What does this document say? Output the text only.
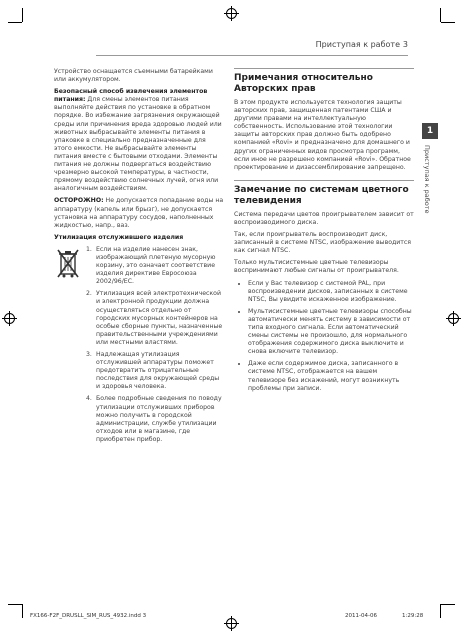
Приступая к работе 3
1
Приступая к работе

Устройство оснащается съемными батарейками или аккумулятором.

Безопасный способ извлечения элементов питания: Для смены элементов питания выполняйте действия по установке в обратном порядке. Во избежание загрязнения окружающей среды или причинения вреда здоровью людей или животных выбрасывайте элементы питания в упаковке в специально предназначенные для этого емкости. Не выбрасывайте элементы питания вместе с бытовыми отходами. Элементы питания не должны подвергаться воздействию чрезмерно высокой температуры, в частности, прямому воздействию солнечных лучей, огня или аналогичным воздействиям.

ОСТОРОЖНО: Не допускается попадание воды на аппаратуру (капель или брызг), не допускается установка на аппаратуру сосудов, наполненных жидкостью, напр., ваз.

Утилизация отслужившего изделия

1. Если на изделие нанесен знак, изображающий плетеную мусорную корзину, это означает соответствие изделия директиве Евросоюза 2002/96/EC.
2. Утилизация всей электротехнической и электронной продукции должна осуществляться отдельно от городских мусорных контейнеров на особые сборные пункты, назначенные правительственными учреждениями или местными властями.
3. Надлежащая утилизация отслужившей аппаратуры поможет предотвратить отрицательные последствия для окружающей среды и здоровья человека.
4. Более подробные сведения по поводу утилизации отслуживших приборов можно получить в городской администрации, службе утилизации отходов или в магазине, где приобретен прибор.
Примечания относительно Авторских прав

В этом продукте используется технология защиты авторских прав, защищенная патентами США и другими правами на интеллектуальную собственность. Использование этой технологии защиты авторских прав должно быть одобрено компанией «Rovi» и предназначено для домашнего и других ограниченных видов просмотра программ, если иное не разрешено компанией «Rovi». Обратное проектирование и дизассемблирование запрещено.

Замечание по системам цветного телевидения

Система передачи цветов проигрывателем зависит от воспроизводимого диска.

Так, если проигрыватель воспроизводит диск, записанный в системе NTSC, изображение выводится как сигнал NTSC.

Только мультисистемные цветные телевизоры воспринимают любые сигналы от проигрывателя.

• Если у Вас телевизор с системой PAL, при воспроизведении дисков, записанных в системе NTSC, Вы увидите искаженное изображение.
• Мультисистемные цветные телевизоры способны автоматически менять систему в зависимости от типа входного сигнала. Если автоматический смены системы не произошло, для нормального отображения содержимого диска выключите и снова включите телевизор.
• Даже если содержимое диска, записанного в системе NTSC, отображается на вашем телевизоре без искажений, могут возникнуть проблемы при записи.
FX166-F2F_DRUSLL_SIM_RUS_4932.indd 3	2011-04-06	1:29:28
